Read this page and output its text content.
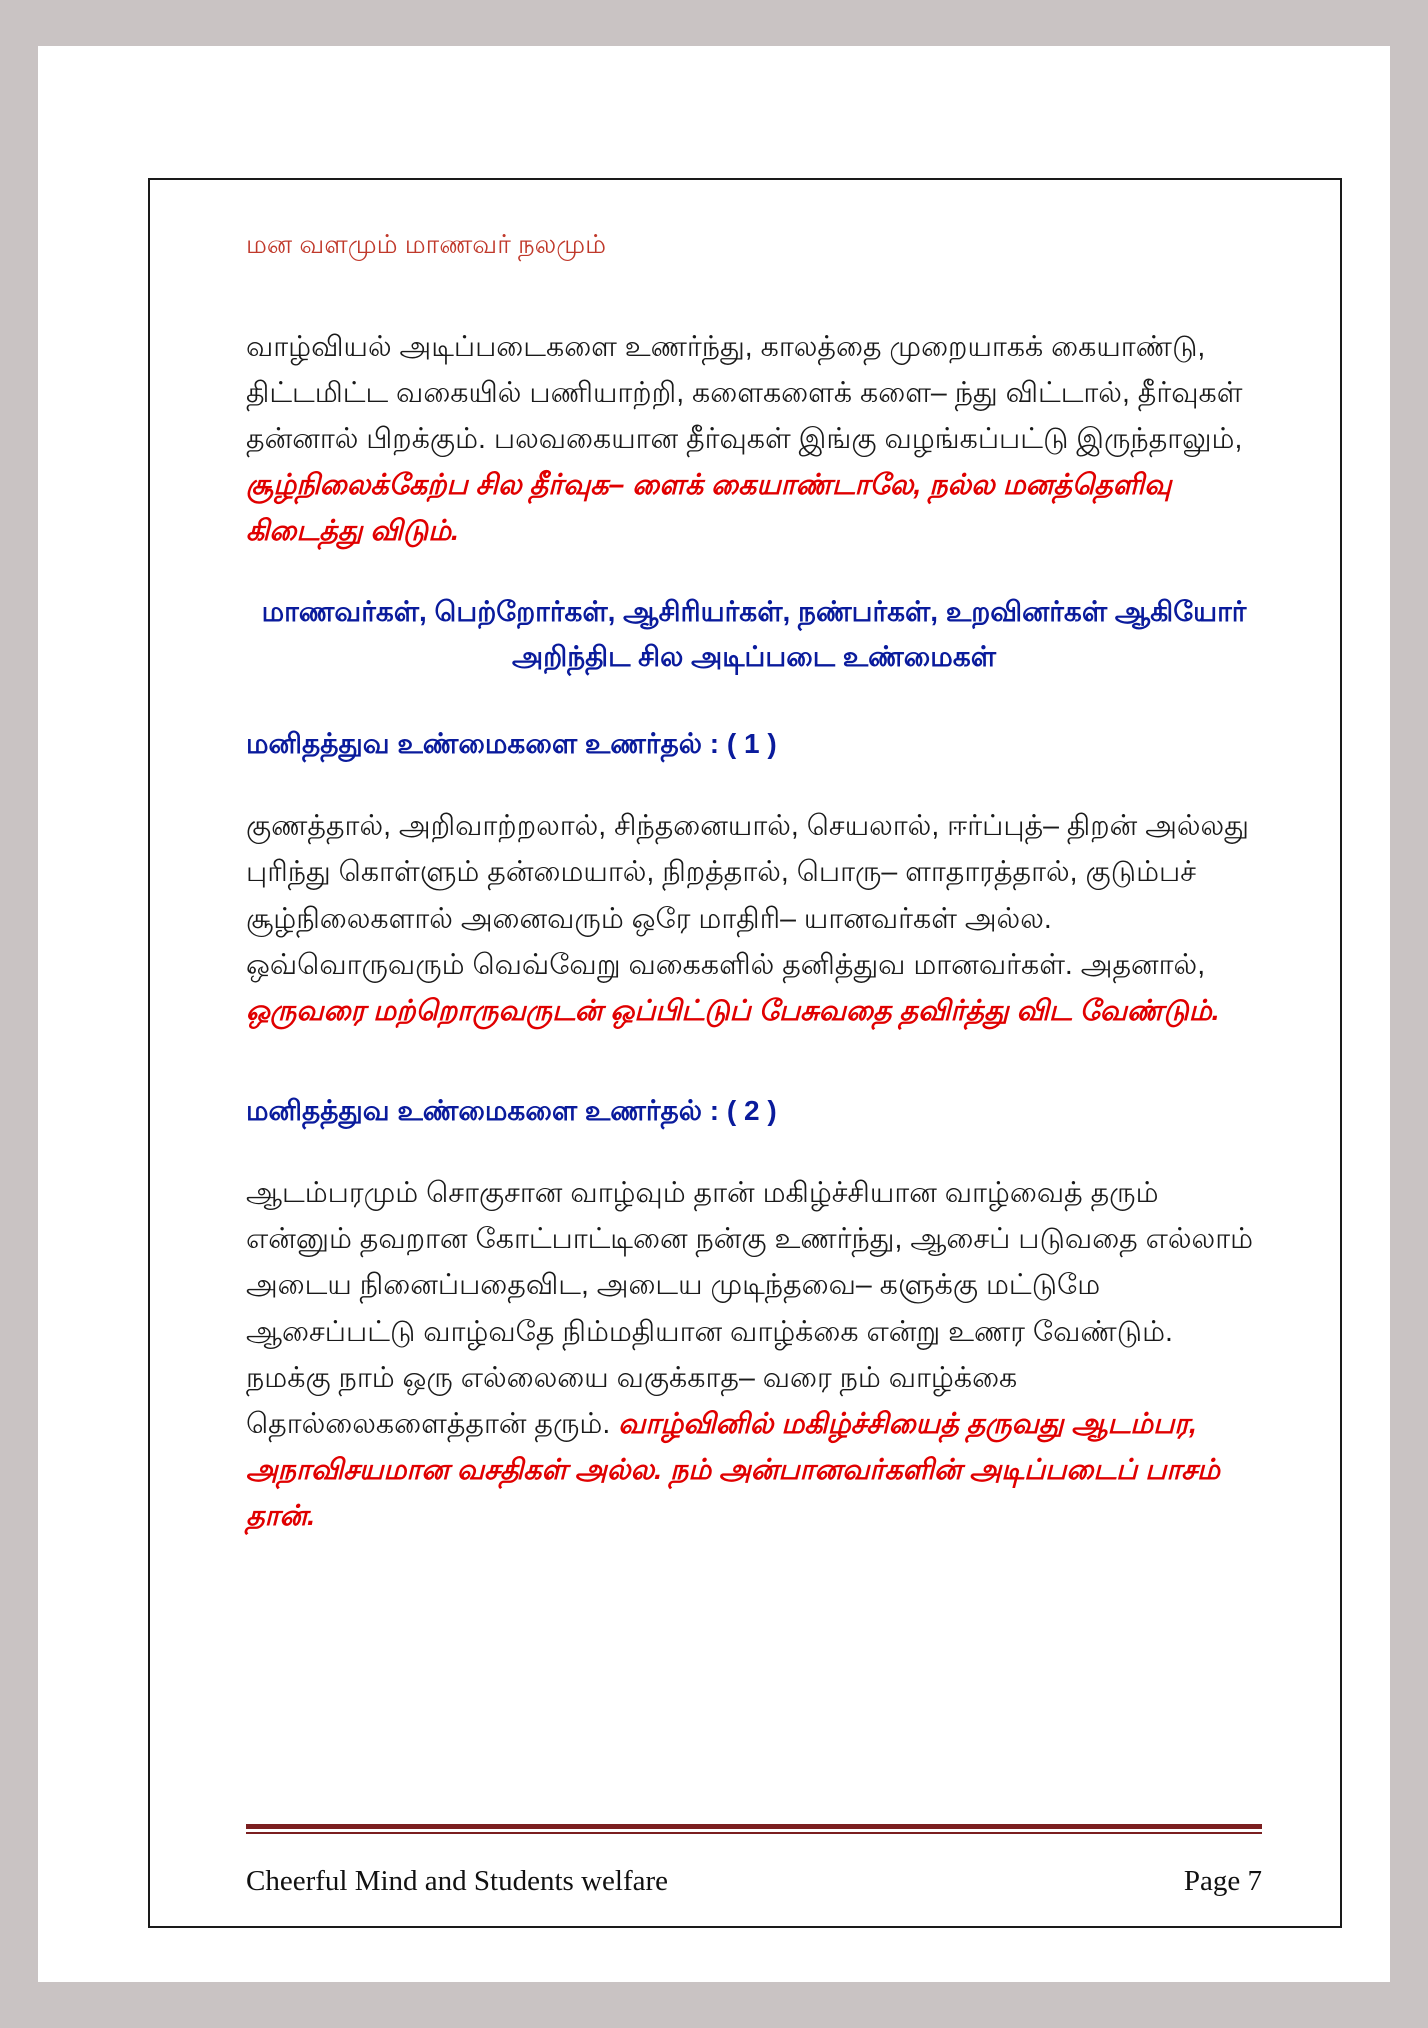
மன வளமும் மாணவர் நலமும்

வாழ்வியல் அடிப்படைகளை உணர்ந்து, காலத்தை முறையாகக் கையாண்டு, திட்டமிட்ட வகையில் பணியாற்றி, களைகளைக் களை– ந்து விட்டால், தீர்வுகள் தன்னால் பிறக்கும். பலவகையான தீர்வுகள் இங்கு வழங்கப்பட்டு இருந்தாலும், சூழ்நிலைக்கேற்ப சில தீர்வுக– ளைக் கையாண்டாலே, நல்ல மனத்தெளிவு கிடைத்து விடும்.

மாணவர்கள், பெற்றோர்கள், ஆசிரியர்கள், நண்பர்கள், உறவினர்கள் ஆகியோர் அறிந்திட சில அடிப்படை உண்மைகள்
மனிதத்துவ உண்மைகளை உணர்தல் : ( 1 )

குணத்தால், அறிவாற்றலால், சிந்தனையால், செயலால், ஈர்ப்புத்– திறன் அல்லது புரிந்து கொள்ளும் தன்மையால், நிறத்தால், பொரு– ளாதாரத்தால், குடும்பச் சூழ்நிலைகளால் அனைவரும் ஒரே மாதிரி– யானவர்கள் அல்ல. ஒவ்வொருவரும் வெவ்வேறு வகைகளில் தனித்துவ மானவர்கள். அதனால், ஒருவரை மற்றொருவருடன் ஒப்பிட்டுப் பேசுவதை தவிர்த்து விட வேண்டும்.

மனிதத்துவ உண்மைகளை உணர்தல் : ( 2 )

ஆடம்பரமும் சொகுசான வாழ்வும் தான் மகிழ்ச்சியான வாழ்வைத் தரும் என்னும் தவறான கோட்பாட்டினை நன்கு உணர்ந்து, ஆசைப் படுவதை எல்லாம் அடைய நினைப்பதைவிட, அடைய முடிந்தவை– களுக்கு மட்டுமே ஆசைப்பட்டு வாழ்வதே நிம்மதியான வாழ்க்கை என்று உணர வேண்டும். நமக்கு நாம் ஒரு எல்லையை வகுக்காத– வரை நம் வாழ்க்கை தொல்லைகளைத்தான் தரும். வாழ்வினில் மகிழ்ச்சியைத் தருவது ஆடம்பர, அநாவிசயமான வசதிகள் அல்ல. நம் அன்பானவர்களின் அடிப்படைப் பாசம் தான்.

Cheerful Mind and Students welfare	Page 7
